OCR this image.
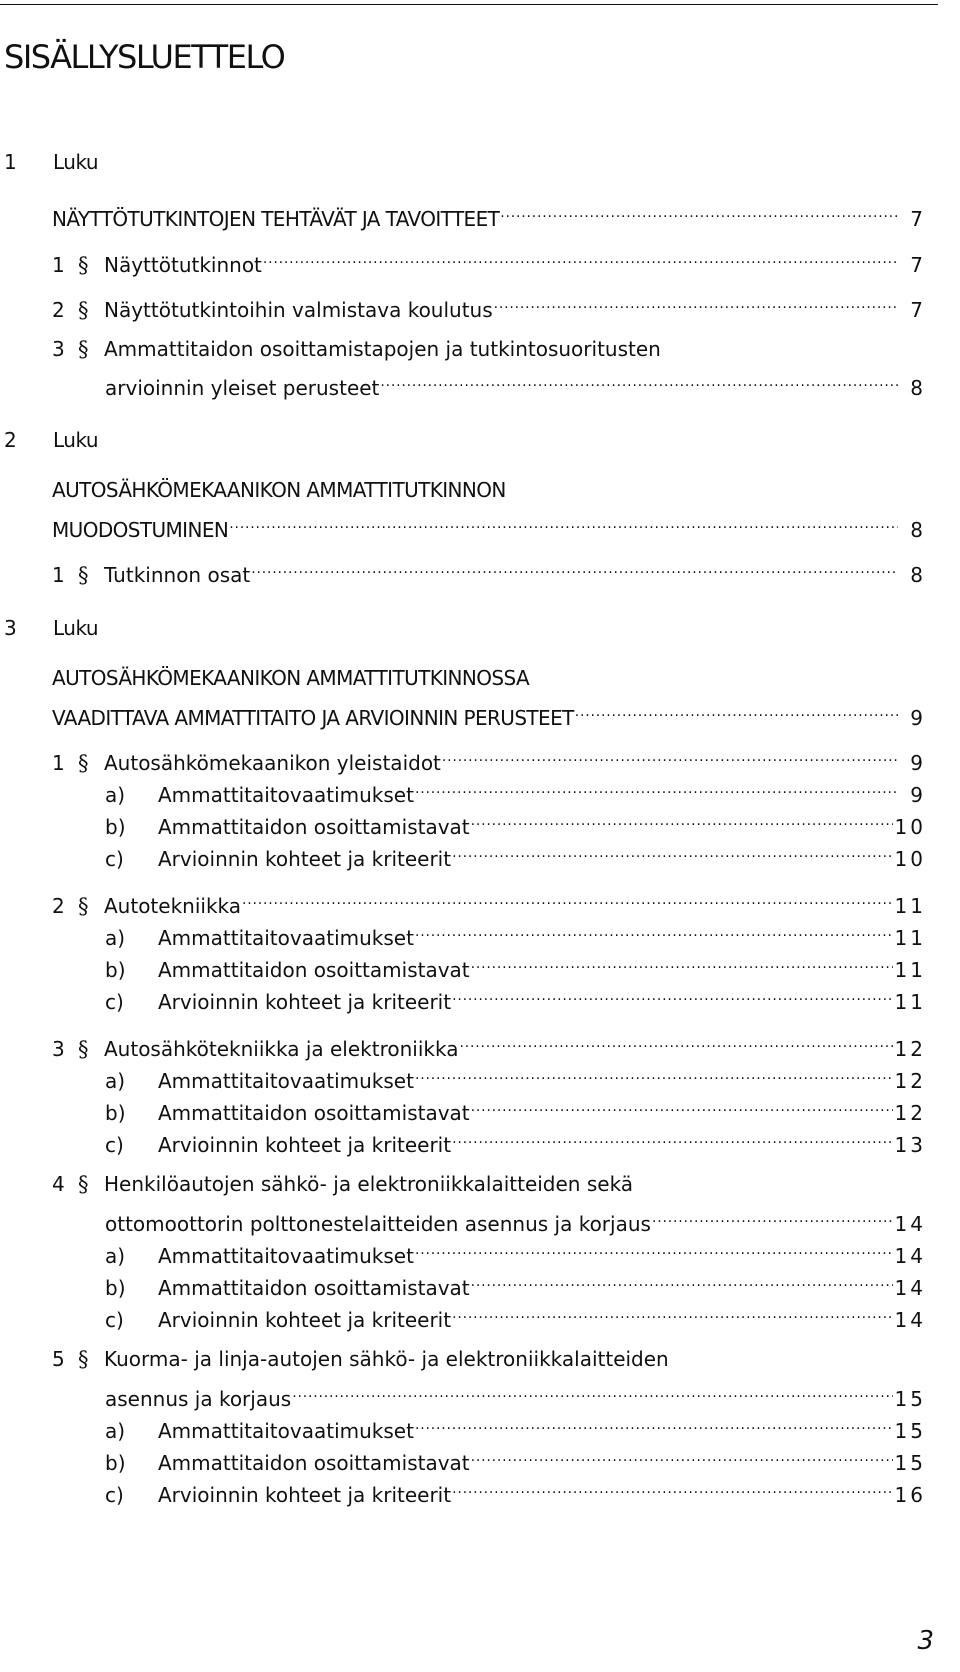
SISÄLLYSLUETTELO
1 Luku
NÄYTTÖTUTKINTOJEN TEHTÄVÄT JA TAVOITTEET .....	7
1 § Näyttötutkinnot .....	7
2 § Näyttötutkintoihin valmistava koulutus .....	7
3 § Ammattitaidon osoittamistapojen ja tutkintosuoritusten
arvioinnin yleiset perusteet .....	8
2 Luku
AUTOSÄHKÖMEKAANIKON AMMATTITUTKINNON
MUODOSTUMINEN .....	8
1 § Tutkinnon osat .....	8
3 Luku
AUTOSÄHKÖMEKAANIKON AMMATTITUTKINNOSSA
VAADITTAVA AMMATTITAITO JA ARVIOINNIN PERUSTEET .....	9
1 § Autosähkömekaanikon yleistaidot .....	9
a)	Ammattitaitovaatimukset .....	9
b)	Ammattitaidon osoittamistavat .....	10
c)	Arvioinnin kohteet ja kriteerit .....	10
2 § Autotekniikka .....	11
a)	Ammattitaitovaatimukset .....	11
b)	Ammattitaidon osoittamistavat .....	11
c)	Arvioinnin kohteet ja kriteerit .....	11
3 § Autosähkötekniikka ja elektroniikka .....	12
a)	Ammattitaitovaatimukset .....	12
b)	Ammattitaidon osoittamistavat .....	12
c)	Arvioinnin kohteet ja kriteerit .....	13
4 § Henkilöautojen sähkö- ja elektroniikkalaitteiden sekä
ottomoottorin polttonestelaitteiden asennus ja korjaus .....	14
a)	Ammattitaitovaatimukset .....	14
b)	Ammattitaidon osoittamistavat .....	14
c)	Arvioinnin kohteet ja kriteerit .....	14
5 § Kuorma- ja linja-autojen sähkö- ja elektroniikkalaitteiden
asennus ja korjaus .....	15
a)	Ammattitaitovaatimukset .....	15
b)	Ammattitaidon osoittamistavat .....	15
c)	Arvioinnin kohteet ja kriteerit .....	16
3
